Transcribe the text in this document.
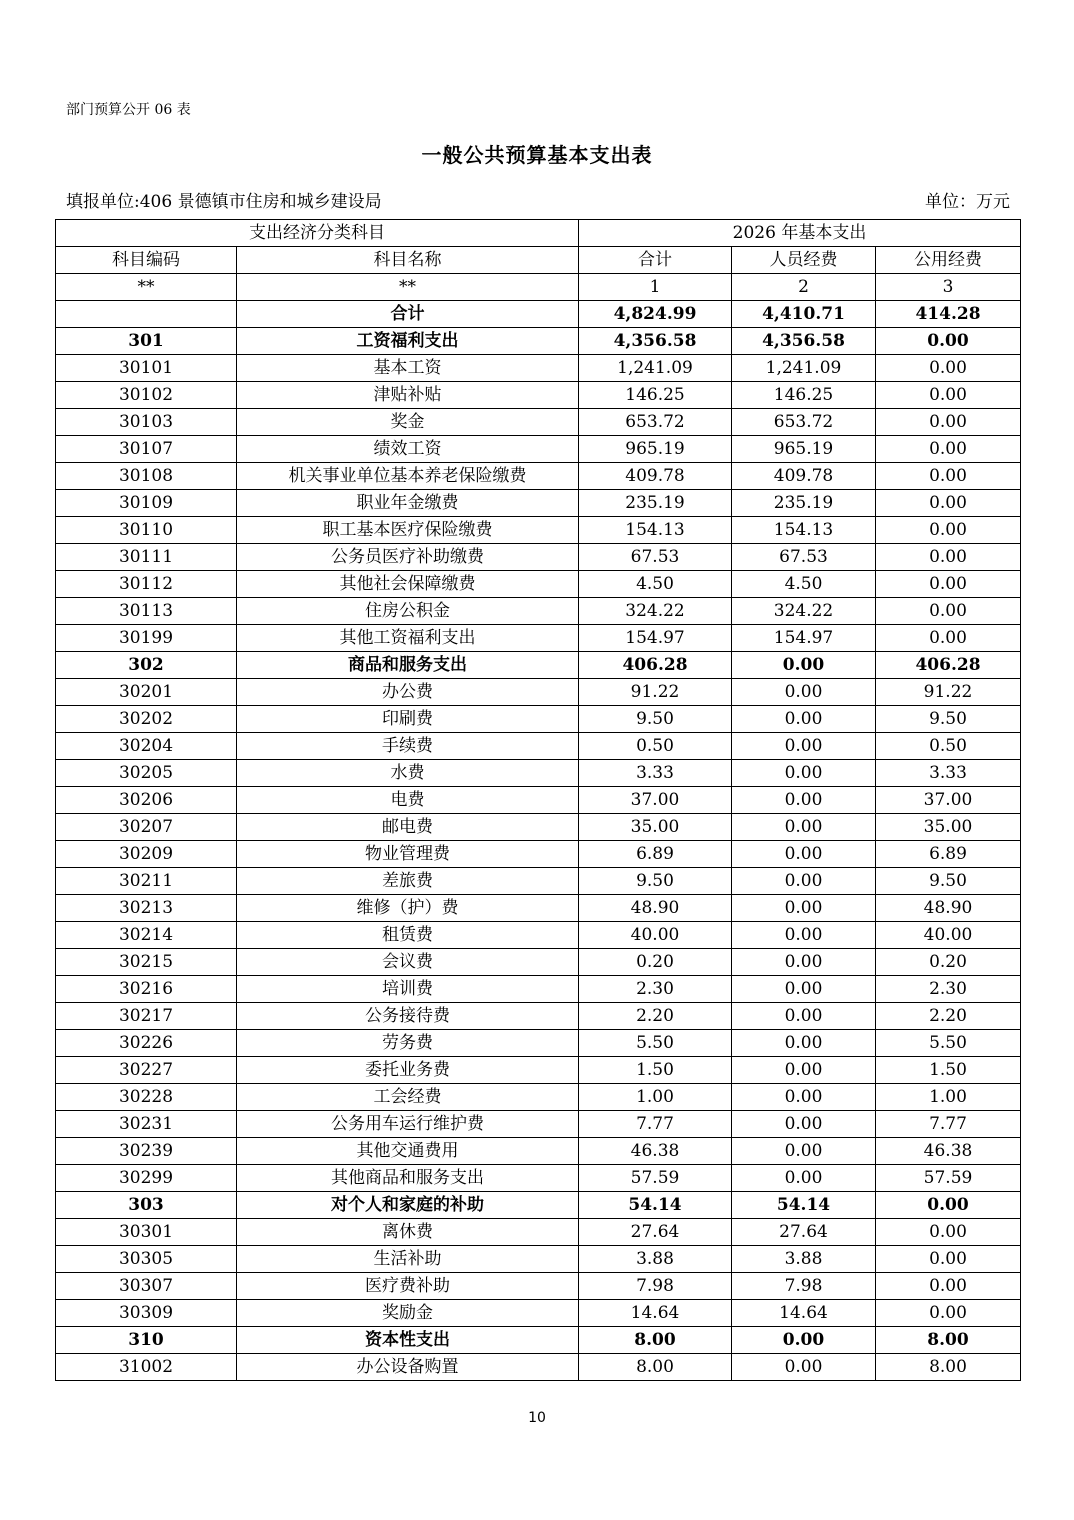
部门预算公开 06 表
一般公共预算基本支出表
填报单位:406 景德镇市住房和城乡建设局	单位：万元
支出经济分类科目		2026 年基本支出		
科目编码	科目名称	合计	人员经费	公用经费
**	**	1	2	3
	合计	4,824.99	4,410.71	414.28
301	工资福利支出	4,356.58	4,356.58	0.00
30101	基本工资	1,241.09	1,241.09	0.00
30102	津贴补贴	146.25	146.25	0.00
30103	奖金	653.72	653.72	0.00
30107	绩效工资	965.19	965.19	0.00
30108	机关事业单位基本养老保险缴费	409.78	409.78	0.00
30109	职业年金缴费	235.19	235.19	0.00
30110	职工基本医疗保险缴费	154.13	154.13	0.00
30111	公务员医疗补助缴费	67.53	67.53	0.00
30112	其他社会保障缴费	4.50	4.50	0.00
30113	住房公积金	324.22	324.22	0.00
30199	其他工资福利支出	154.97	154.97	0.00
302	商品和服务支出	406.28	0.00	406.28
30201	办公费	91.22	0.00	91.22
30202	印刷费	9.50	0.00	9.50
30204	手续费	0.50	0.00	0.50
30205	水费	3.33	0.00	3.33
30206	电费	37.00	0.00	37.00
30207	邮电费	35.00	0.00	35.00
30209	物业管理费	6.89	0.00	6.89
30211	差旅费	9.50	0.00	9.50
30213	维修（护）费	48.90	0.00	48.90
30214	租赁费	40.00	0.00	40.00
30215	会议费	0.20	0.00	0.20
30216	培训费	2.30	0.00	2.30
30217	公务接待费	2.20	0.00	2.20
30226	劳务费	5.50	0.00	5.50
30227	委托业务费	1.50	0.00	1.50
30228	工会经费	1.00	0.00	1.00
30231	公务用车运行维护费	7.77	0.00	7.77
30239	其他交通费用	46.38	0.00	46.38
30299	其他商品和服务支出	57.59	0.00	57.59
303	对个人和家庭的补助	54.14	54.14	0.00
30301	离休费	27.64	27.64	0.00
30305	生活补助	3.88	3.88	0.00
30307	医疗费补助	7.98	7.98	0.00
30309	奖励金	14.64	14.64	0.00
310	资本性支出	8.00	0.00	8.00
31002	办公设备购置	8.00	0.00	8.00
10
